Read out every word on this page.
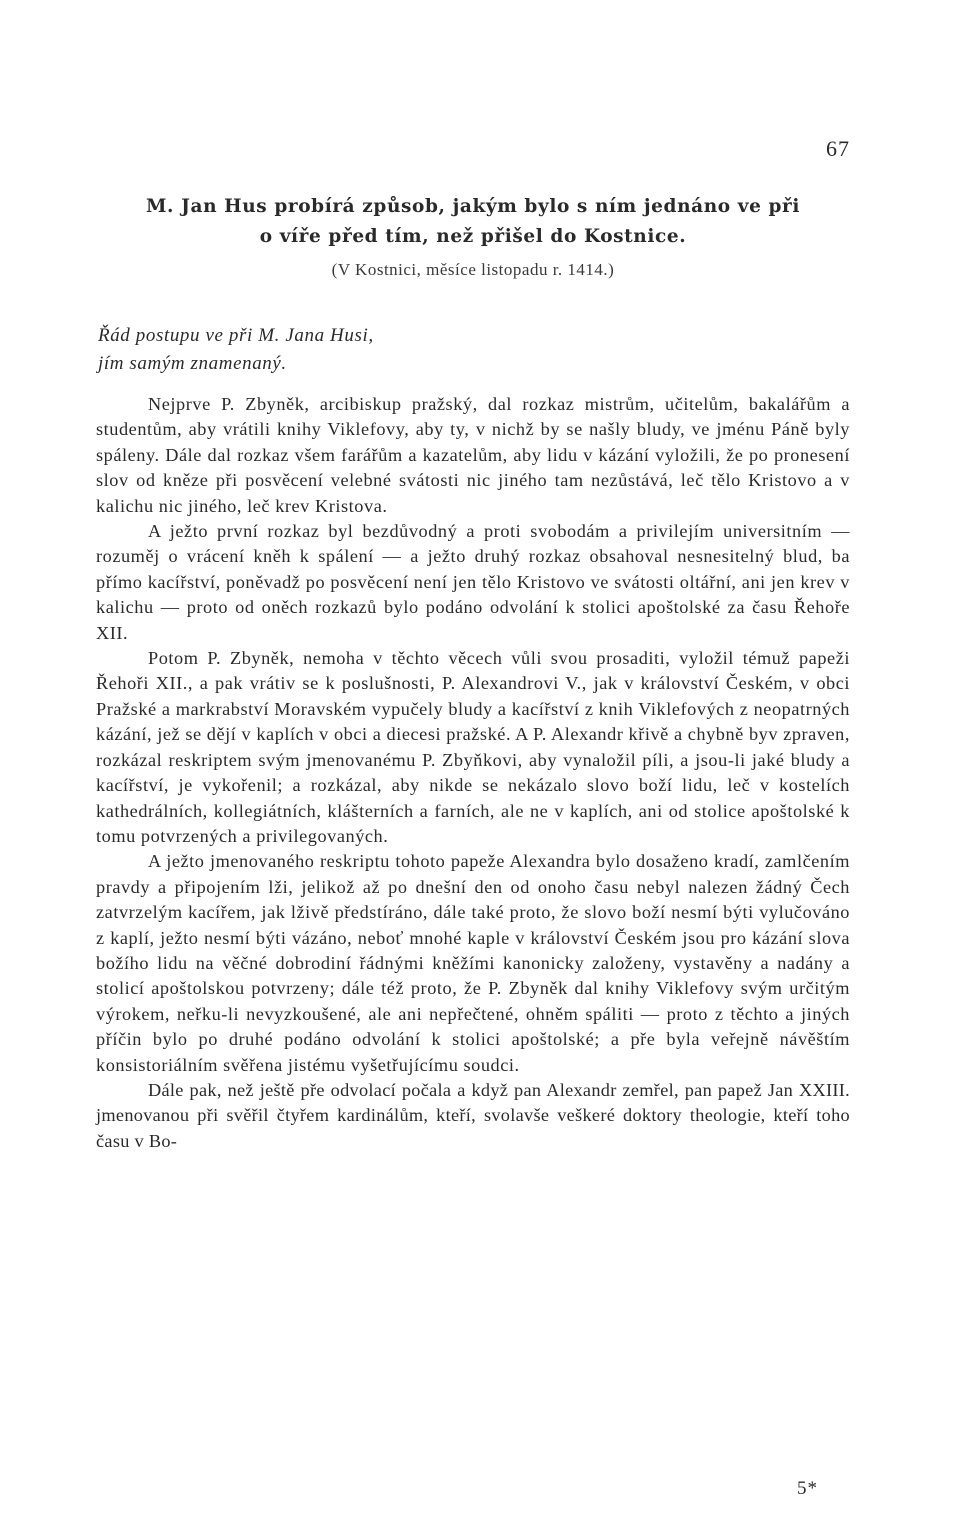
67
M. Jan Hus probírá způsob, jakým bylo s ním jednáno ve při
o víře před tím, než přišel do Kostnice.
(V Kostnici, měsíce listopadu r. 1414.)
Řád postupu ve při M. Jana Husi,
jím samým znamenaný.

Nejprve P. Zbyněk, arcibiskup pražský, dal rozkaz mistrům, učitelům, bakalářům a studentům, aby vrátili knihy Viklefovy, aby ty, v nichž by se našly bludy, ve jménu Páně byly spáleny. Dále dal rozkaz všem farářům a kazatelům, aby lidu v kázání vyložili, že po pronesení slov od kněze při posvěcení velebné svátosti nic jiného tam nezůstává, leč tělo Kristovo a v kalichu nic jiného, leč krev Kristova.

A ježto první rozkaz byl bezdůvodný a proti svobodám a privilejím universitním — rozuměj o vrácení kněh k spálení — a ježto druhý rozkaz obsahoval nesnesitelný blud, ba přímo kacířství, poněvadž po posvěcení není jen tělo Kristovo ve svátosti oltářní, ani jen krev v kalichu — proto od oněch rozkazů bylo podáno odvolání k stolici apoštolské za času Řehoře XII.

Potom P. Zbyněk, nemoha v těchto věcech vůli svou prosaditi, vyložil témuž papeži Řehoři XII., a pak vrátiv se k poslušnosti, P. Alexandrovi V., jak v království Českém, v obci Pražské a markrabství Moravském vypučely bludy a kacířství z knih Viklefových z neopatrných kázání, jež se dějí v kaplích v obci a diecesi pražské. A P. Alexandr křivě a chybně byv zpraven, rozkázal reskriptem svým jmenovanému P. Zbyňkovi, aby vynaložil píli, a jsou-li jaké bludy a kacířství, je vykořenil; a rozkázal, aby nikde se nekázalo slovo boží lidu, leč v kostelích kathedrálních, kollegiátních, klášterních a farních, ale ne v kaplích, ani od stolice apoštolské k tomu potvrzených a privilegovaných.

A ježto jmenovaného reskriptu tohoto papeže Alexandra bylo dosaženo kradí, zamlčením pravdy a připojením lži, jelikož až po dnešní den od onoho času nebyl nalezen žádný Čech zatvrzelým kacířem, jak lživě předstíráno, dále také proto, že slovo boží nesmí býti vylučováno z kaplí, ježto nesmí býti vázáno, neboť mnohé kaple v království Českém jsou pro kázání slova božího lidu na věčné dobrodiní řádnými kněžími kanonicky založeny, vystavěny a nadány a stolicí apoštolskou potvrzeny; dále též proto, že P. Zbyněk dal knihy Viklefovy svým určitým výrokem, neřku-li nevyzkoušené, ale ani nepřečtené, ohněm spáliti — proto z těchto a jiných příčin bylo po druhé podáno odvolání k stolici apoštolské; a pře byla veřejně návěštím konsistoriálním svěřena jistému vyšetřujícímu soudci.

Dále pak, než ještě pře odvolací počala a když pan Alexandr zemřel, pan papež Jan XXIII. jmenovanou při svěřil čtyřem kardinálům, kteří, svolavše veškeré doktory theologie, kteří toho času v Bo-

5*
